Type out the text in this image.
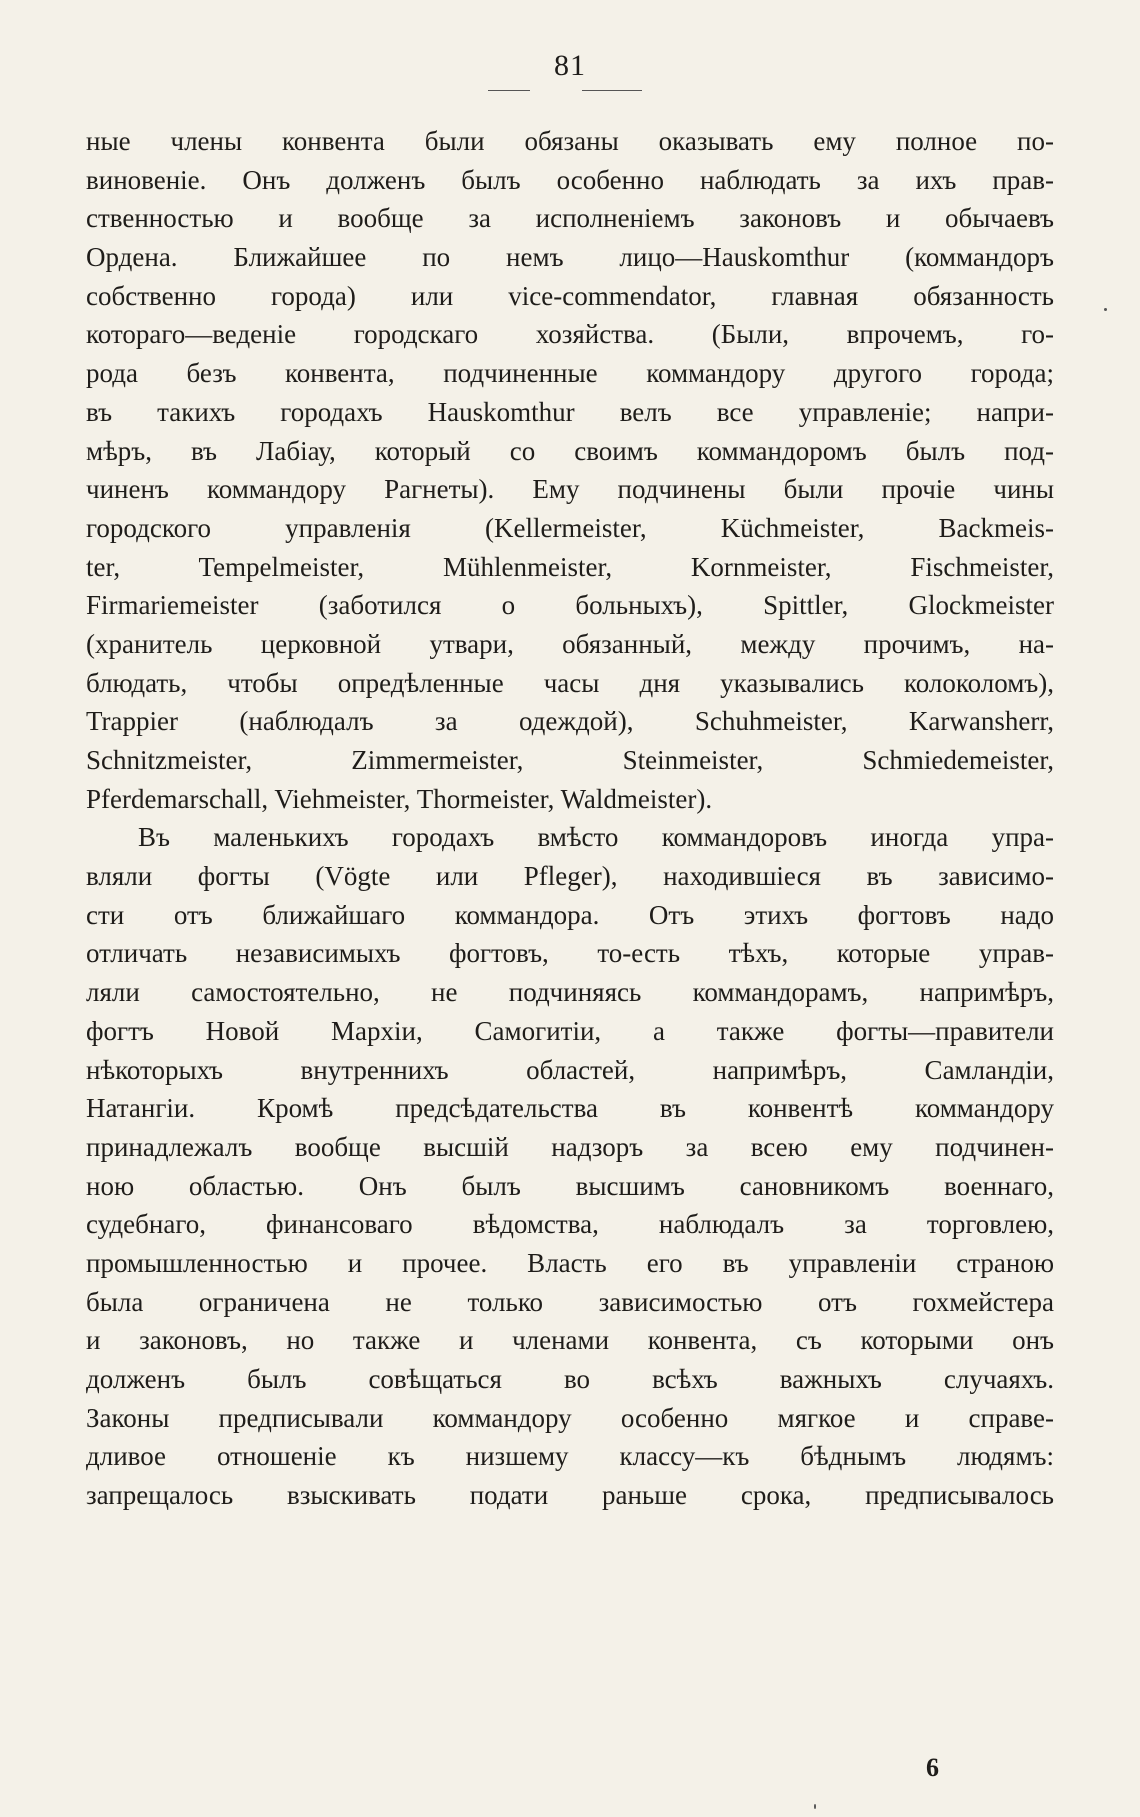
81
ные члены конвента были обязаны оказывать ему полное по-
виновеніе. Онъ долженъ былъ особенно наблюдать за ихъ прав-
ственностью и вообще за исполненіемъ законовъ и обычаевъ
Ордена. Ближайшее по немъ лицо—Hauskomthur (коммандоръ
собственно города) или vice-commendator, главная обязанность
котораго—веденіе городскаго хозяйства. (Были, впрочемъ, го-
рода безъ конвента, подчиненные коммандору другого города;
въ такихъ городахъ Hauskomthur велъ все управленіе; напри-
мѣръ, въ Лабіау, который со своимъ коммандоромъ былъ под-
чиненъ коммандору Рагнеты). Ему подчинены были прочіе чины
городского управленія (Kellermeister, Küchmeister, Backmeis-
ter, Tempelmeister, Mühlenmeister, Kornmeister, Fischmeister,
Firmariemeister (заботился о больныхъ), Spittler, Glockmeister
(хранитель церковной утвари, обязанный, между прочимъ, на-
блюдать, чтобы опредѣленные часы дня указывались колоколомъ),
Trappier (наблюдалъ за одеждой), Schuhmeister, Karwansherr,
Schnitzmeister, Zimmermeister, Steinmeister, Schmiedemeister,
Pferdemarschall, Viehmeister, Thormeister, Waldmeister).
Въ маленькихъ городахъ вмѣсто коммандоровъ иногда упра-
вляли фогты (Vögte или Pfleger), находившіеся въ зависимо-
сти отъ ближайшаго коммандора. Отъ этихъ фогтовъ надо
отличать независимыхъ фогтовъ, то-есть тѣхъ, которые управ-
ляли самостоятельно, не подчиняясь коммандорамъ, напримѣръ,
фогтъ Новой Мархіи, Самогитіи, а также фогты—правители
нѣкоторыхъ внутреннихъ областей, напримѣръ, Самландіи,
Натангіи. Кромѣ предсѣдательства въ конвентѣ коммандору
принадлежалъ вообще высшій надзоръ за всею ему подчинен-
ною областью. Онъ былъ высшимъ сановникомъ военнаго,
судебнаго, финансоваго вѣдомства, наблюдалъ за торговлею,
промышленностью и прочее. Власть его въ управленіи страною
была ограничена не только зависимостью отъ гохмейстера
и законовъ, но также и членами конвента, съ которыми онъ
долженъ былъ совѣщаться во всѣхъ важныхъ случаяхъ.
Законы предписывали коммандору особенно мягкое и справе-
дливое отношеніе къ низшему классу—къ бѣднымъ людямъ:
запрещалось взыскивать подати раньше срока, предписывалось
6
